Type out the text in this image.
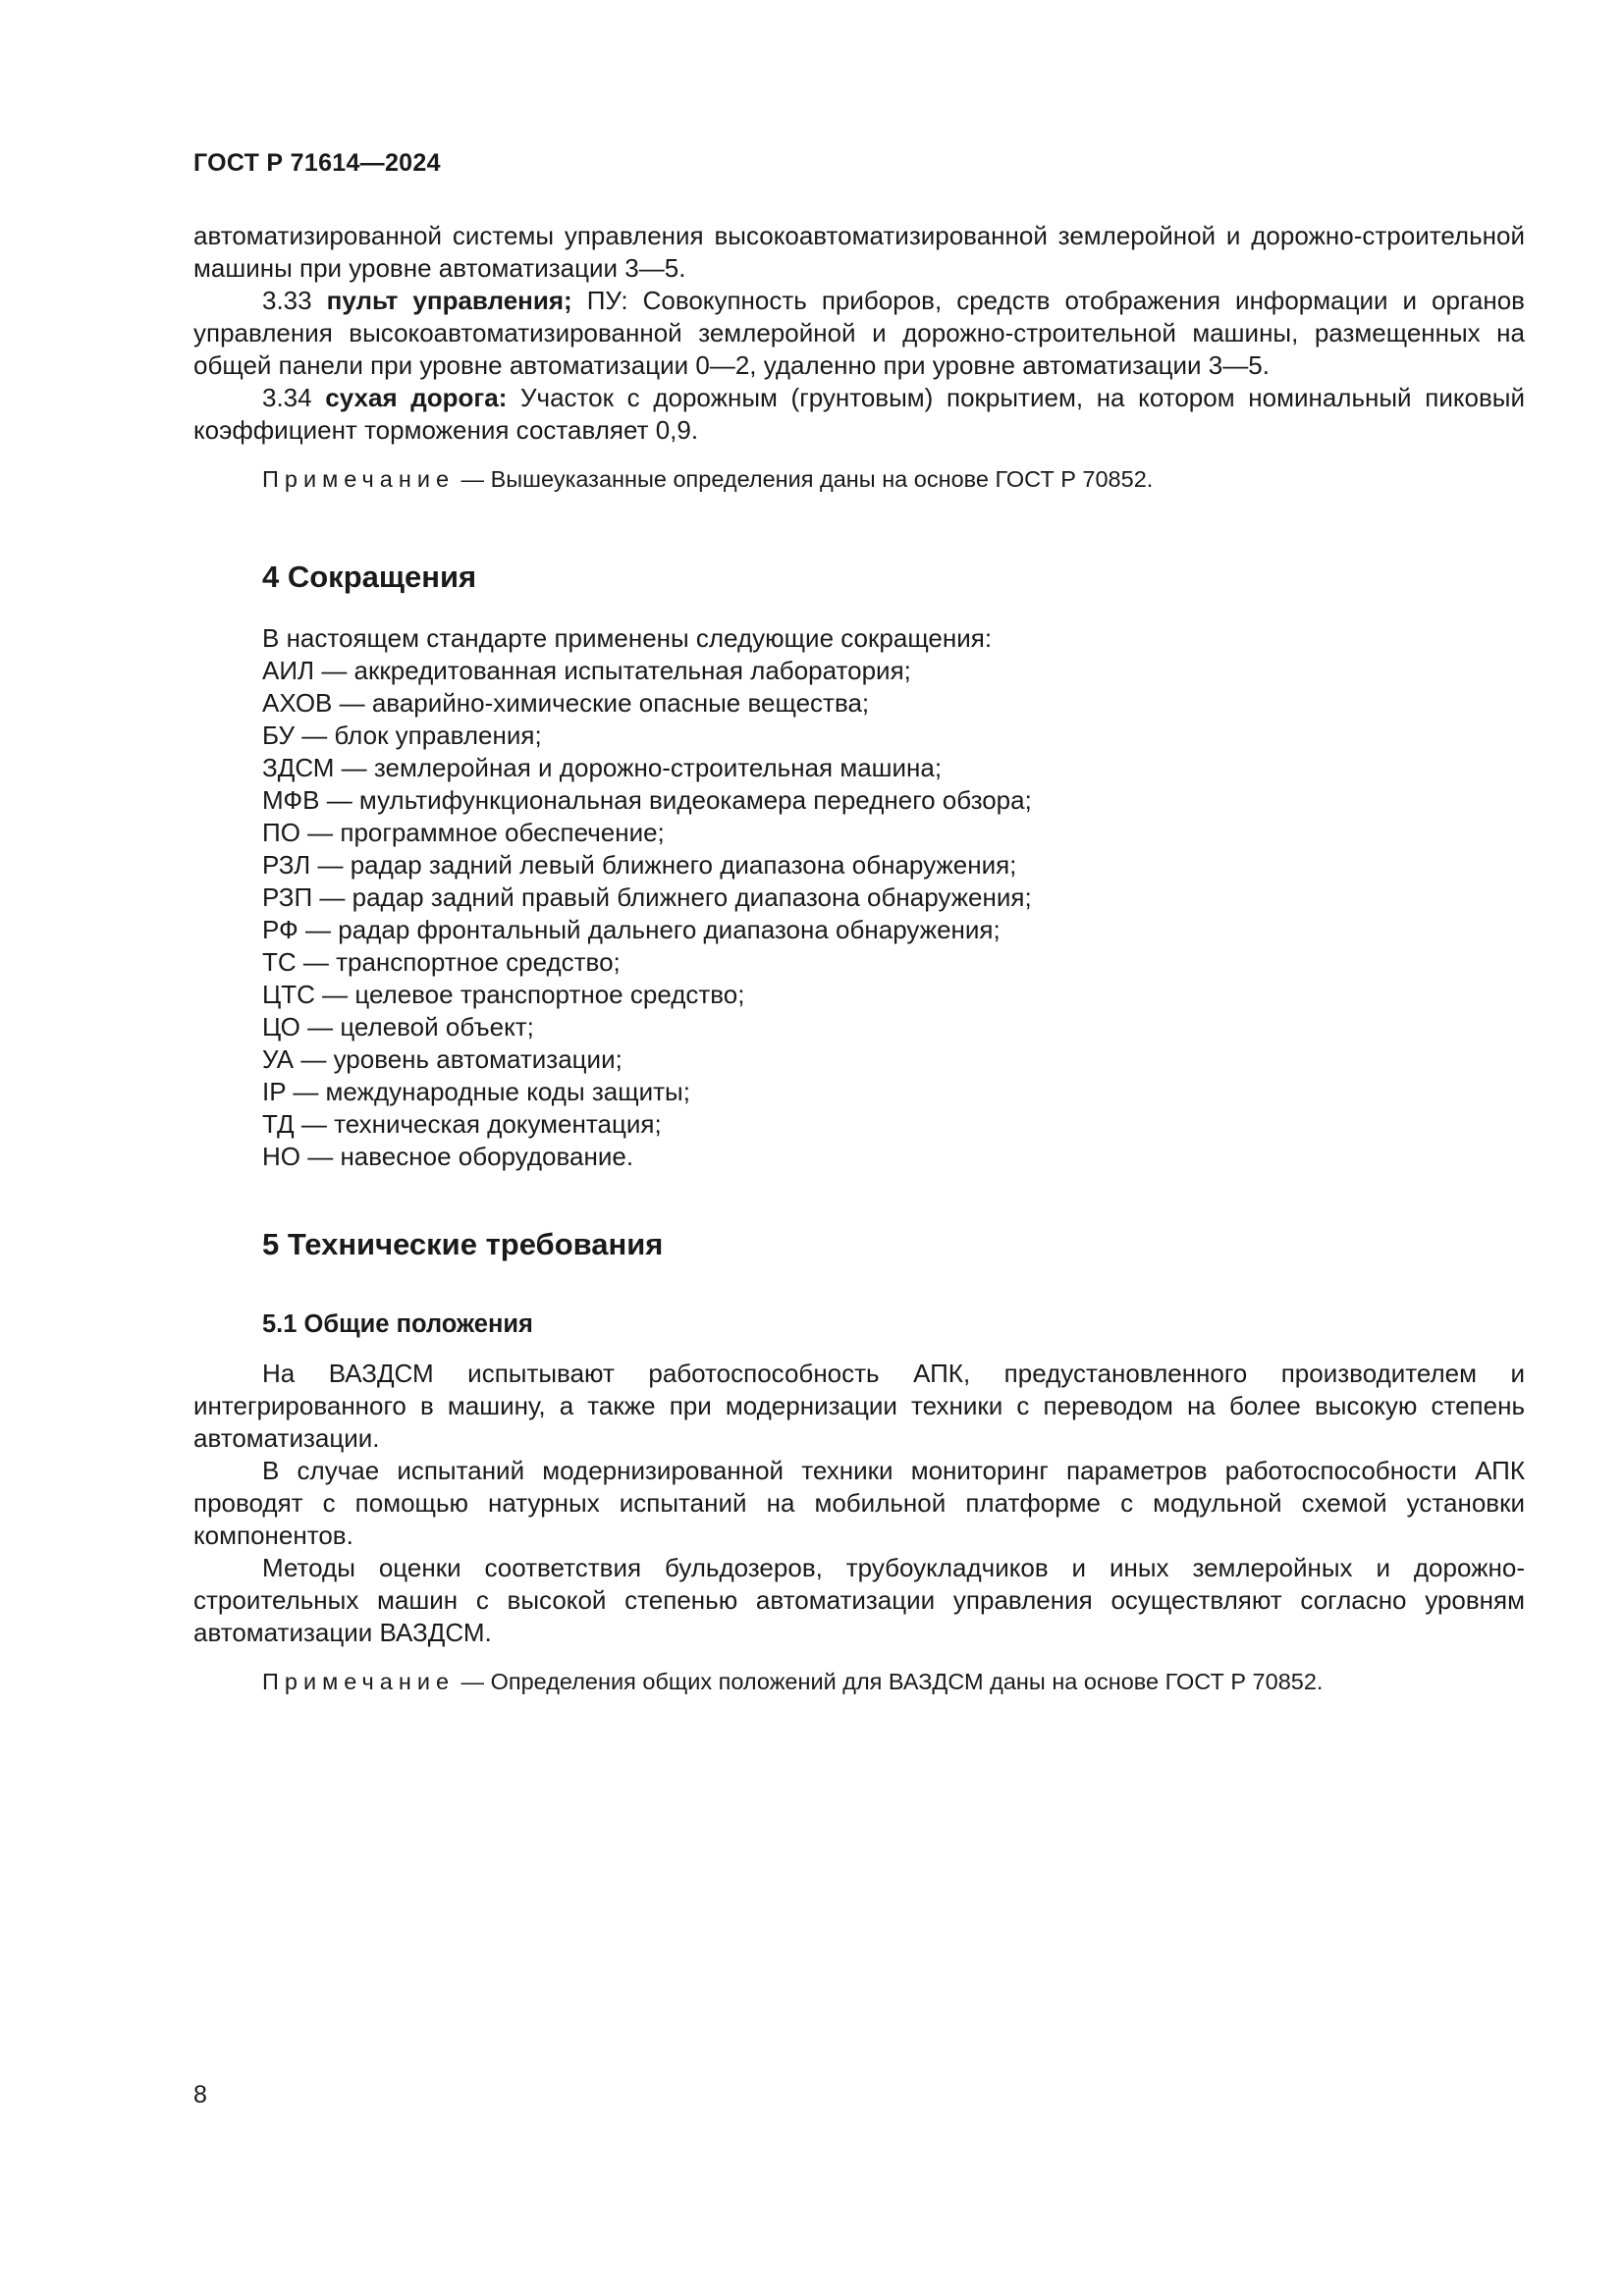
ГОСТ Р 71614—2024

автоматизированной системы управления высокоавтоматизированной землеройной и дорожно-строительной машины при уровне автоматизации 3—5.

3.33 пульт управления; ПУ: Совокупность приборов, средств отображения информации и органов управления высокоавтоматизированной землеройной и дорожно-строительной машины, размещенных на общей панели при уровне автоматизации 0—2, удаленно при уровне автоматизации 3—5.

3.34 сухая дорога: Участок с дорожным (грунтовым) покрытием, на котором номинальный пиковый коэффициент торможения составляет 0,9.

Примечание — Вышеуказанные определения даны на основе ГОСТ Р 70852.

4 Сокращения
В настоящем стандарте применены следующие сокращения:
АИЛ — аккредитованная испытательная лаборатория;
АХОВ — аварийно-химические опасные вещества;
БУ — блок управления;
ЗДСМ — землеройная и дорожно-строительная машина;
МФВ — мультифункциональная видеокамера переднего обзора;
ПО — программное обеспечение;
РЗЛ — радар задний левый ближнего диапазона обнаружения;
РЗП — радар задний правый ближнего диапазона обнаружения;
РФ — радар фронтальный дальнего диапазона обнаружения;
ТС — транспортное средство;
ЦТС — целевое транспортное средство;
ЦО — целевой объект;
УА — уровень автоматизации;
IP — международные коды защиты;
ТД — техническая документация;
НО — навесное оборудование.
5 Технические требования
5.1 Общие положения

На ВАЗДСМ испытывают работоспособность АПК, предустановленного производителем и интегрированного в машину, а также при модернизации техники с переводом на более высокую степень автоматизации.

В случае испытаний модернизированной техники мониторинг параметров работоспособности АПК проводят с помощью натурных испытаний на мобильной платформе с модульной схемой установки компонентов.

Методы оценки соответствия бульдозеров, трубоукладчиков и иных землеройных и дорожно-строительных машин с высокой степенью автоматизации управления осуществляют согласно уровням автоматизации ВАЗДСМ.

Примечание — Определения общих положений для ВАЗДСМ даны на основе ГОСТ Р 70852.

8
